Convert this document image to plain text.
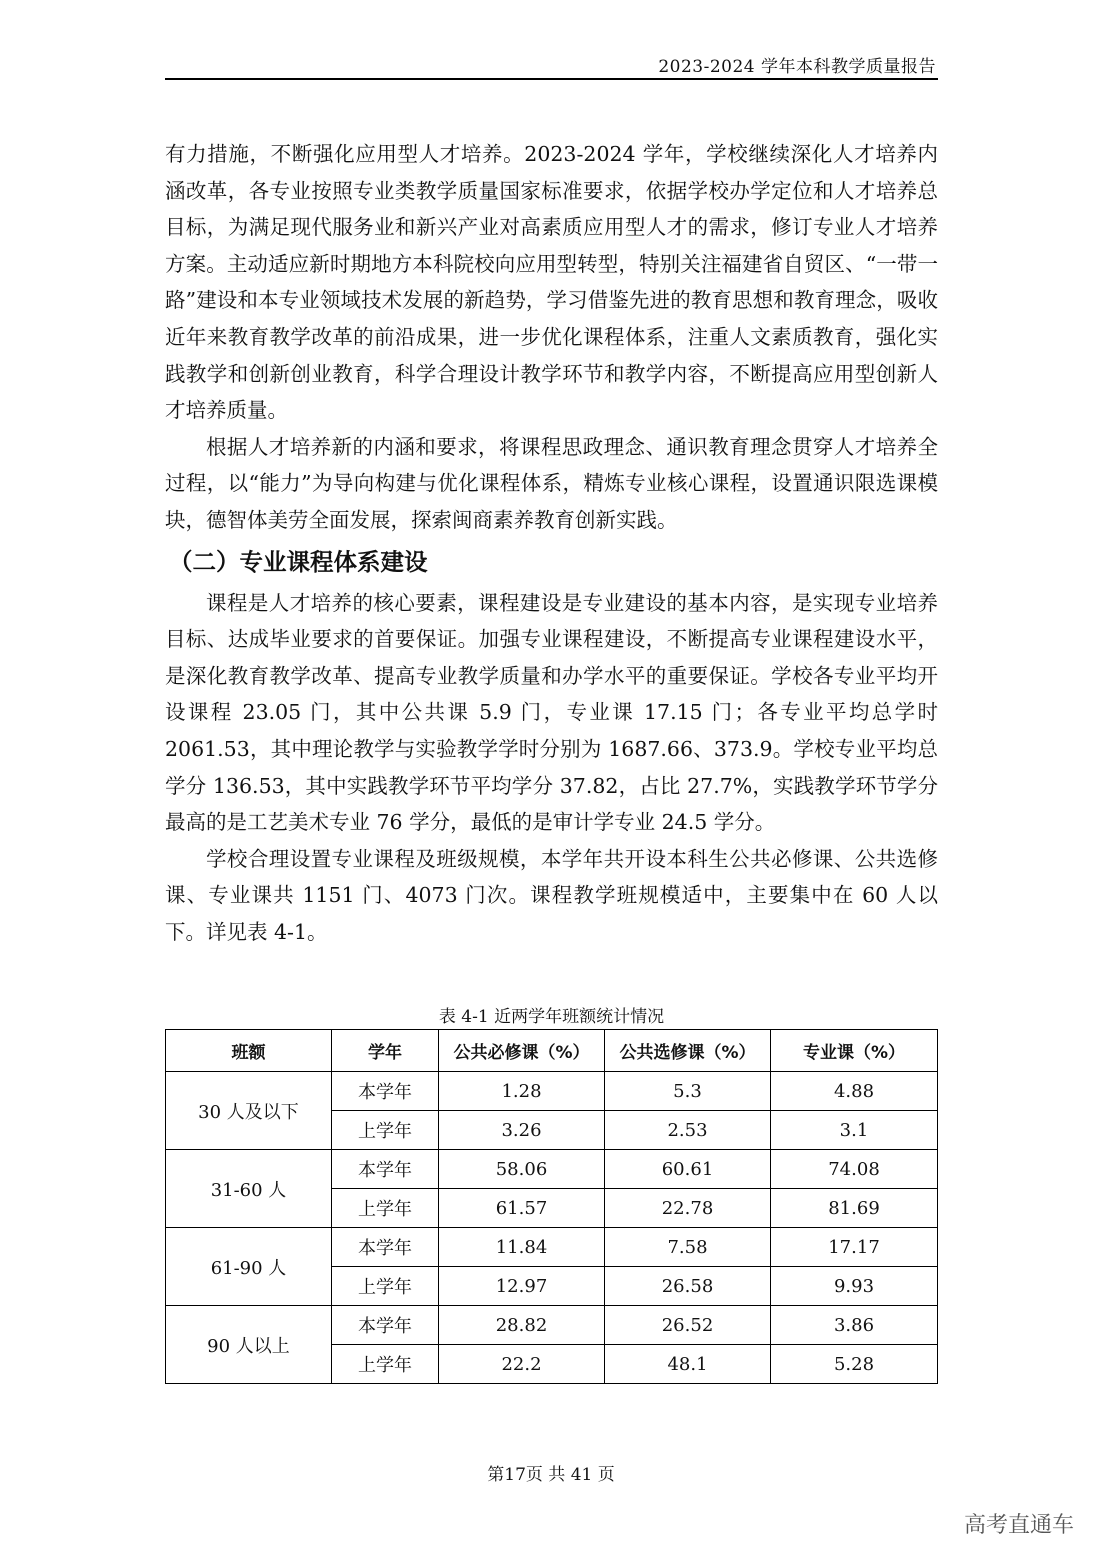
2023-2024 学年本科教学质量报告

有力措施，不断强化应用型人才培养。2023-2024 学年，学校继续深化人才培养内涵改革，各专业按照专业类教学质量国家标准要求，依据学校办学定位和人才培养总目标，为满足现代服务业和新兴产业对高素质应用型人才的需求，修订专业人才培养方案。主动适应新时期地方本科院校向应用型转型，特别关注福建省自贸区、“一带一路”建设和本专业领域技术发展的新趋势，学习借鉴先进的教育思想和教育理念，吸收近年来教育教学改革的前沿成果，进一步优化课程体系，注重人文素质教育，强化实践教学和创新创业教育，科学合理设计教学环节和教学内容，不断提高应用型创新人才培养质量。

根据人才培养新的内涵和要求，将课程思政理念、通识教育理念贯穿人才培养全过程，以“能力”为导向构建与优化课程体系，精炼专业核心课程，设置通识限选课模块，德智体美劳全面发展，探索闽商素养教育创新实践。

（二）专业课程体系建设

课程是人才培养的核心要素，课程建设是专业建设的基本内容，是实现专业培养目标、达成毕业要求的首要保证。加强专业课程建设，不断提高专业课程建设水平，是深化教育教学改革、提高专业教学质量和办学水平的重要保证。学校各专业平均开设课程 23.05 门，其中公共课 5.9 门，专业课 17.15 门；各专业平均总学时 2061.53，其中理论教学与实验教学学时分别为 1687.66、373.9。学校专业平均总学分 136.53，其中实践教学环节平均学分 37.82，占比 27.7%，实践教学环节学分最高的是工艺美术专业 76 学分，最低的是审计学专业 24.5 学分。

学校合理设置专业课程及班级规模，本学年共开设本科生公共必修课、公共选修课、专业课共 1151 门、4073 门次。课程教学班规模适中，主要集中在 60 人以下。详见表 4-1。

表 4-1 近两学年班额统计情况
班额	学年	公共必修课（%）	公共选修课（%）	专业课（%）
30 人及以下	本学年	1.28	5.3	4.88
	上学年	3.26	2.53	3.1
31-60 人	本学年	58.06	60.61	74.08
	上学年	61.57	22.78	81.69
61-90 人	本学年	11.84	7.58	17.17
	上学年	12.97	26.58	9.93
90 人以上	本学年	28.82	26.52	3.86
	上学年	22.2	48.1	5.28
第17页 共 41 页
高考直通车
